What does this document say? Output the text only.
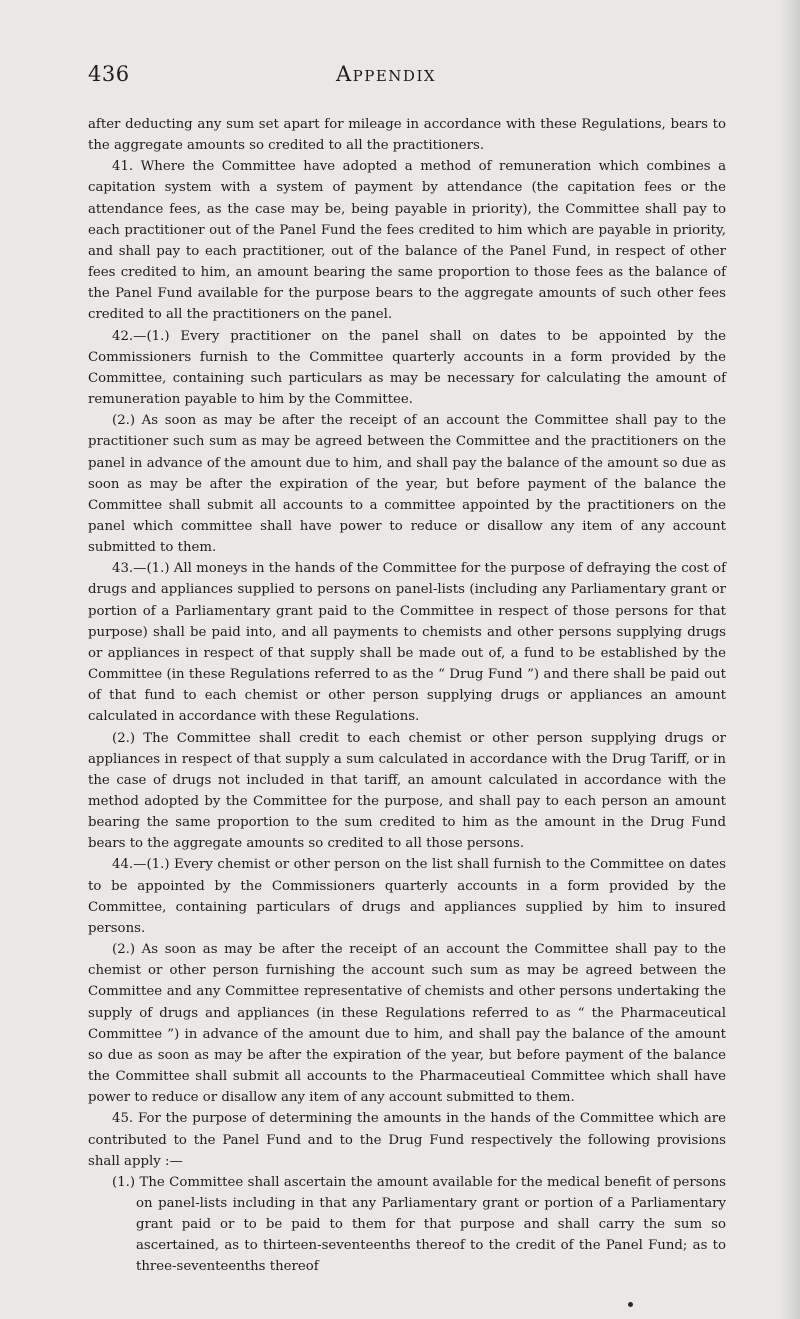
436	Appendix

after deducting any sum set apart for mileage in accordance with these Regulations, bears to the aggregate amounts so credited to all the practitioners.

41. Where the Committee have adopted a method of remuneration which combines a capitation system with a system of payment by attendance (the capitation fees or the attendance fees, as the case may be, being payable in priority), the Committee shall pay to each practitioner out of the Panel Fund the fees credited to him which are payable in priority, and shall pay to each practitioner, out of the balance of the Panel Fund, in respect of other fees credited to him, an amount bearing the same proportion to those fees as the balance of the Panel Fund available for the purpose bears to the aggregate amounts of such other fees credited to all the practitioners on the panel.

42.—(1.) Every practitioner on the panel shall on dates to be appointed by the Commissioners furnish to the Committee quarterly accounts in a form provided by the Committee, containing such particulars as may be necessary for calculating the amount of remuneration payable to him by the Committee.

(2.) As soon as may be after the receipt of an account the Committee shall pay to the practitioner such sum as may be agreed between the Committee and the practitioners on the panel in advance of the amount due to him, and shall pay the balance of the amount so due as soon as may be after the expiration of the year, but before payment of the balance the Committee shall submit all accounts to a committee appointed by the practitioners on the panel which committee shall have power to reduce or disallow any item of any account submitted to them.

43.—(1.) All moneys in the hands of the Committee for the purpose of defraying the cost of drugs and appliances supplied to persons on panel-lists (including any Parliamentary grant or portion of a Parliamentary grant paid to the Committee in respect of those persons for that purpose) shall be paid into, and all payments to chemists and other persons supplying drugs or appliances in respect of that supply shall be made out of, a fund to be established by the Committee (in these Regulations referred to as the “ Drug Fund ”) and there shall be paid out of that fund to each chemist or other person supplying drugs or appliances an amount calculated in accordance with these Regulations.

(2.) The Committee shall credit to each chemist or other person supplying drugs or appliances in respect of that supply a sum calculated in accordance with the Drug Tariff, or in the case of drugs not included in that tariff, an amount calculated in accordance with the method adopted by the Committee for the purpose, and shall pay to each person an amount bearing the same proportion to the sum credited to him as the amount in the Drug Fund bears to the aggregate amounts so credited to all those persons.

44.—(1.) Every chemist or other person on the list shall furnish to the Committee on dates to be appointed by the Commissioners quarterly accounts in a form provided by the Committee, containing particulars of drugs and appliances supplied by him to insured persons.

(2.) As soon as may be after the receipt of an account the Committee shall pay to the chemist or other person furnishing the account such sum as may be agreed between the Committee and any Committee representative of chemists and other persons undertaking the supply of drugs and appliances (in these Regulations referred to as “ the Pharmaceutical Committee ”) in advance of the amount due to him, and shall pay the balance of the amount so due as soon as may be after the expiration of the year, but before payment of the balance the Committee shall submit all accounts to the Pharmaceutieal Committee which shall have power to reduce or disallow any item of any account submitted to them.

45. For the purpose of determining the amounts in the hands of the Committee which are contributed to the Panel Fund and to the Drug Fund respectively the following provisions shall apply :—

(1.) The Committee shall ascertain the amount available for the medical benefit of persons on panel-lists including in that any Parliamentary grant or portion of a Parliamentary grant paid or to be paid to them for that purpose and shall carry the sum so ascertained, as to thirteen-seventeenths thereof to the credit of the Panel Fund; as to three-seventeenths thereof
